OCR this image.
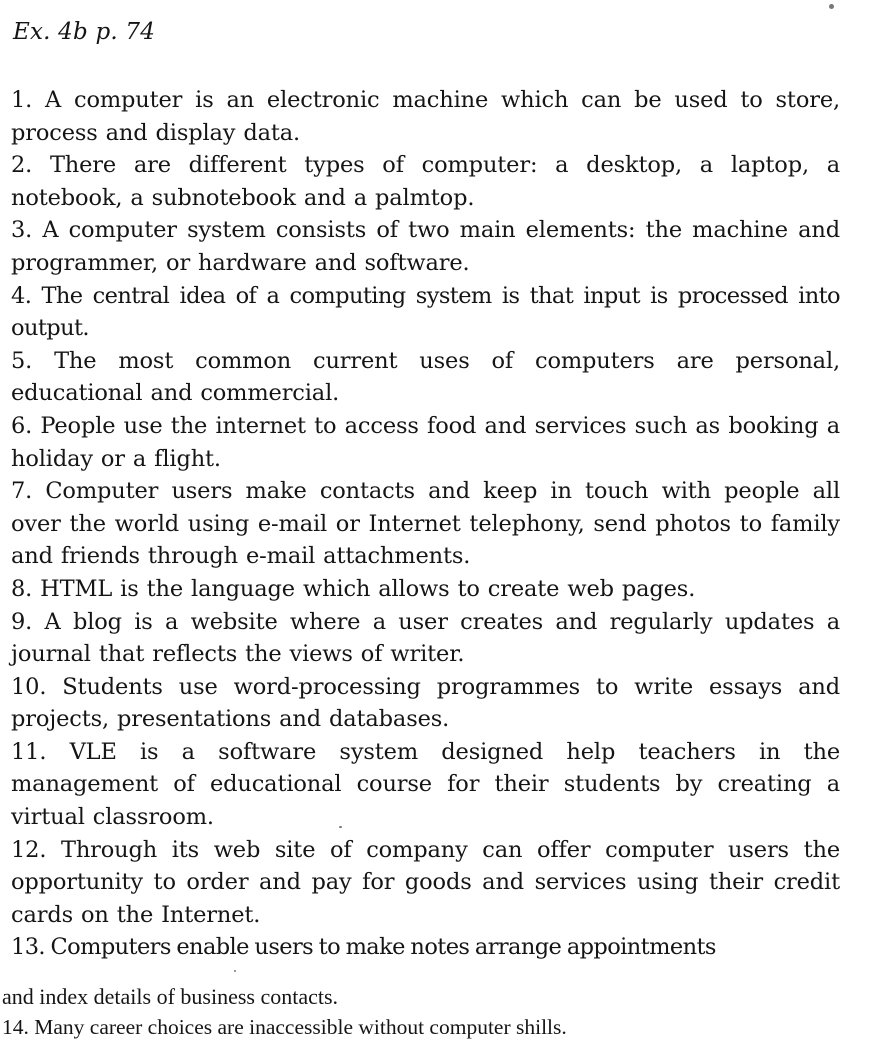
Ex. 4b p. 74
1. A computer is an electronic machine which can be used to store, process and display data.
2. There are different types of computer: a desktop, a laptop, a notebook, a subnotebook and a palmtop.
3. A computer system consists of two main elements: the machine and programmer, or hardware and software.
4. The central idea of a computing system is that input is processed into output.
5. The most common current uses of computers are personal, educational and commercial.
6. People use the internet to access food and services such as booking a holiday or a flight.
7. Computer users make contacts and keep in touch with people all over the world using e-mail or Internet telephony, send photos to family and friends through e-mail attachments.
8. HTML is the language which allows to create web pages.
9. A blog is a website where a user creates and regularly updates a journal that reflects the views of writer.
10. Students use word-processing programmes to write essays and projects, presentations and databases.
11. VLE is a software system designed help teachers in the management of educational course for their students by creating a virtual classroom.
12. Through its web site of company can offer computer users the opportunity to order and pay for goods and services using their credit cards on the Internet.
13. Computers enable users to make notes arrange appointments

and index details of business contacts.

14. Many career choices are inaccessible without computer shills.
